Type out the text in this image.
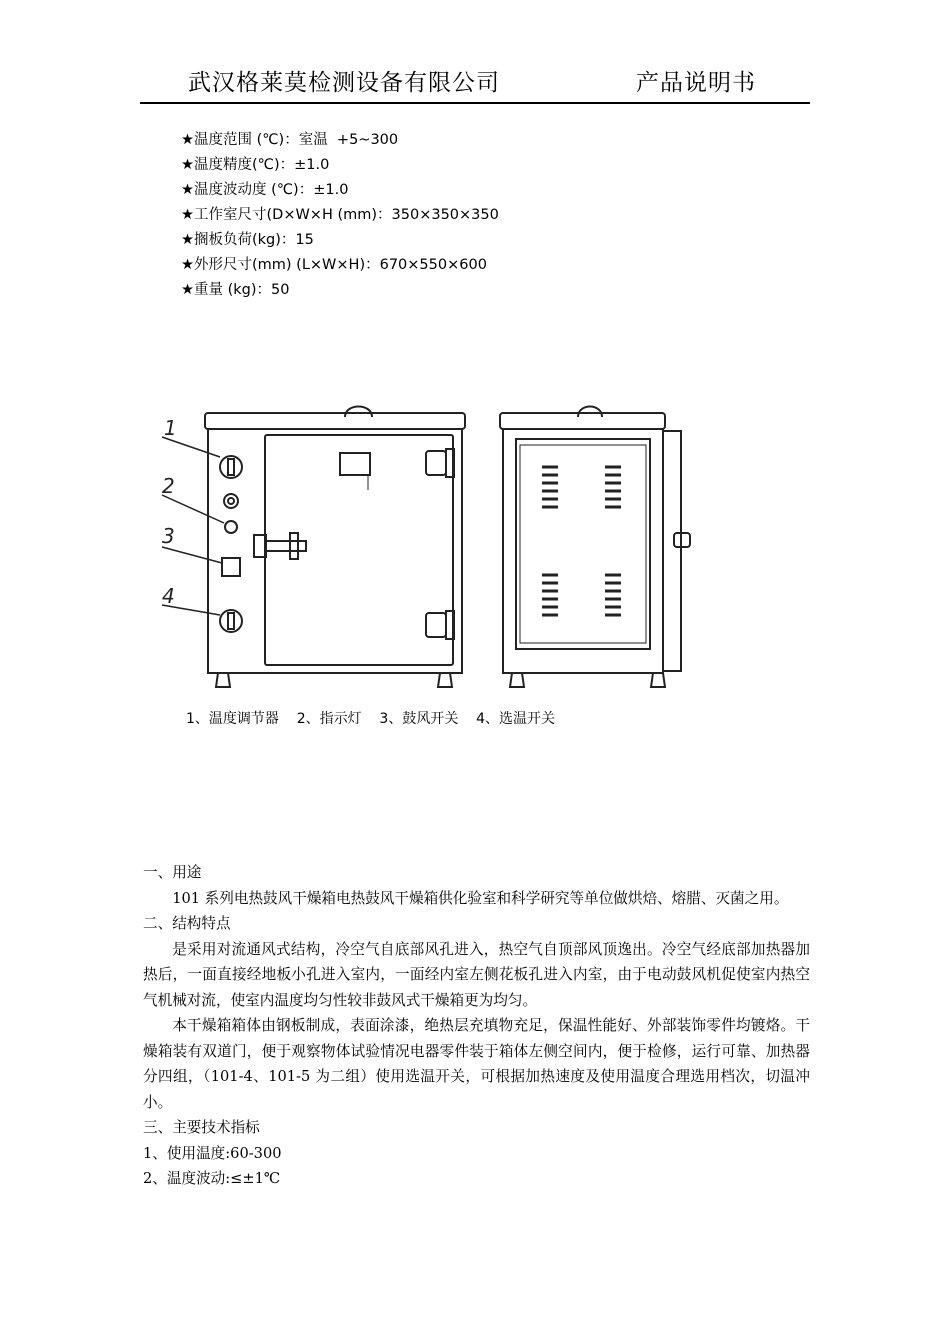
武汉格莱莫检测设备有限公司	产品说明书
★温度范围 (℃)：室温  +5~300
★温度精度(℃)：±1.0
★温度波动度 (℃)：±1.0
★工作室尺寸(D×W×H (mm)：350×350×350
★搁板负荷(kg)：15
★外形尺寸(mm) (L×W×H)：670×550×600
★重量 (kg)：50
1
2
3
4
1、温度调节器    2、指示灯    3、鼓风开关    4、选温开关

一、用途

101 系列电热鼓风干燥箱电热鼓风干燥箱供化验室和科学研究等单位做烘焙、熔腊、灭菌之用。

二、结构特点

是采用对流通风式结构，冷空气自底部风孔进入，热空气自顶部风顶逸出。冷空气经底部加热器加热后，一面直接经地板小孔进入室内，一面经内室左侧花板孔进入内室，由于电动鼓风机促使室内热空气机械对流，使室内温度均匀性较非鼓风式干燥箱更为均匀。

本干燥箱箱体由钢板制成，表面涂漆，绝热层充填物充足，保温性能好、外部装饰零件均镀烙。干燥箱装有双道门，便于观察物体试验情况电器零件装于箱体左侧空间内，便于检修，运行可靠、加热器分四组，（101-4、101-5 为二组）使用选温开关，可根据加热速度及使用温度合理选用档次，切温冲小。

三、主要技术指标

1、使用温度:60-300

2、温度波动:≤±1℃
